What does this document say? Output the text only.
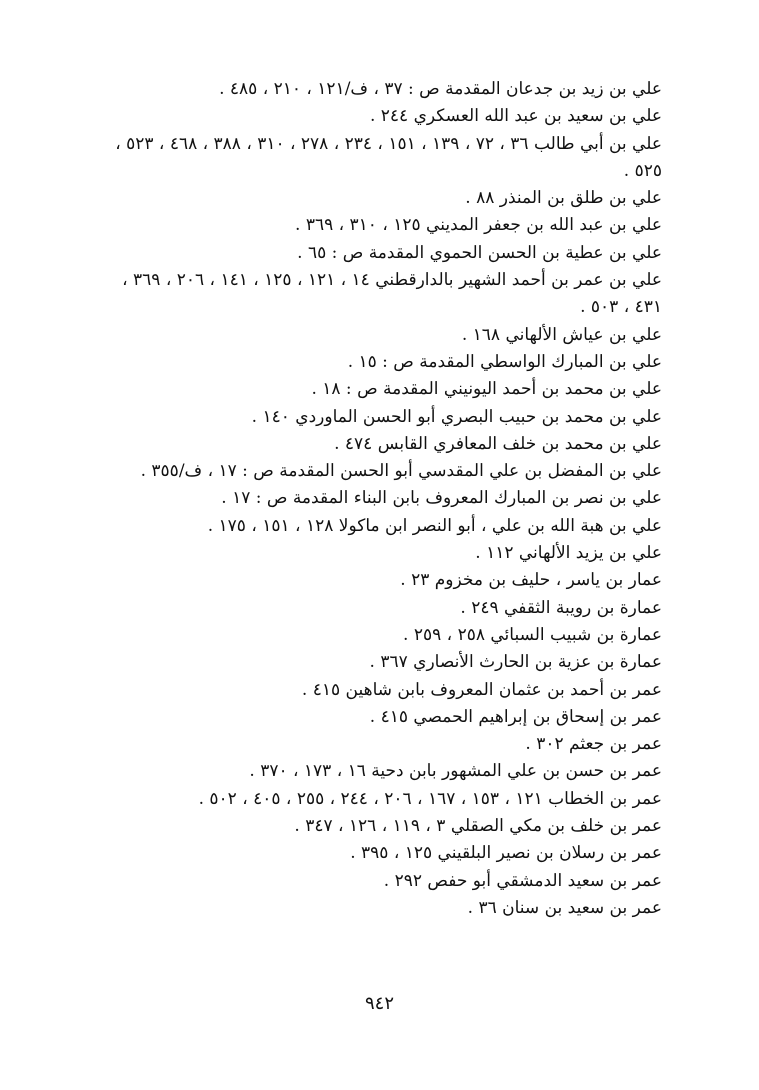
علي بن زيد بن جدعان المقدمة ص : ٣٧ ، ف/١٢١ ، ٢١٠ ، ٤٨٥ .
علي بن سعيد بن عبد الله العسكري ٢٤٤ .
علي بن أبي طالب ٣٦ ، ٧٢ ، ١٣٩ ، ١٥١ ، ٢٣٤ ، ٢٧٨ ، ٣١٠ ، ٣٨٨ ، ٤٦٨ ، ٥٢٣ ، ٥٢٥ .
علي بن طلق بن المنذر ٨٨ .
علي بن عبد الله بن جعفر المديني ١٢٥ ، ٣١٠ ، ٣٦٩ .
علي بن عطية بن الحسن الحموي المقدمة ص : ٦٥ .
علي بن عمر بن أحمد الشهير بالدارقطني ١٤ ، ١٢١ ، ١٢٥ ، ١٤١ ، ٢٠٦ ، ٣٦٩ ، ٤٣١ ، ٥٠٣ .
علي بن عياش الألهاني ١٦٨ .
علي بن المبارك الواسطي المقدمة ص : ١٥ .
علي بن محمد بن أحمد اليونيني المقدمة ص : ١٨ .
علي بن محمد بن حبيب البصري أبو الحسن الماوردي ١٤٠ .
علي بن محمد بن خلف المعافري القابس ٤٧٤ .
علي بن المفضل بن علي المقدسي أبو الحسن المقدمة ص : ١٧ ، ف/٣٥٥ .
علي بن نصر بن المبارك المعروف بابن البناء المقدمة ص : ١٧ .
علي بن هبة الله بن علي ، أبو النصر ابن ماكولا ١٢٨ ، ١٥١ ، ١٧٥ .
علي بن يزيد الألهاني ١١٢ .
عمار بن ياسر ، حليف بن مخزوم ٢٣ .
عمارة بن رويبة الثقفي ٢٤٩ .
عمارة بن شبيب السبائي ٢٥٨ ، ٢٥٩ .
عمارة بن عزية بن الحارث الأنصاري ٣٦٧ .
عمر بن أحمد بن عثمان المعروف بابن شاهين ٤١٥ .
عمر بن إسحاق بن إبراهيم الحمصي ٤١٥ .
عمر بن جعثم ٣٠٢ .
عمر بن حسن بن علي المشهور بابن دحية ١٦ ، ١٧٣ ، ٣٧٠ .
عمر بن الخطاب ١٢١ ، ١٥٣ ، ١٦٧ ، ٢٠٦ ، ٢٤٤ ، ٢٥٥ ، ٤٠٥ ، ٥٠٢ .
عمر بن خلف بن مكي الصقلي ٣ ، ١١٩ ، ١٢٦ ، ٣٤٧ .
عمر بن رسلان بن نصير البلقيني ١٢٥ ، ٣٩٥ .
عمر بن سعيد الدمشقي أبو حفص ٢٩٢ .
عمر بن سعيد بن سنان ٣٦ .
٩٤٢
